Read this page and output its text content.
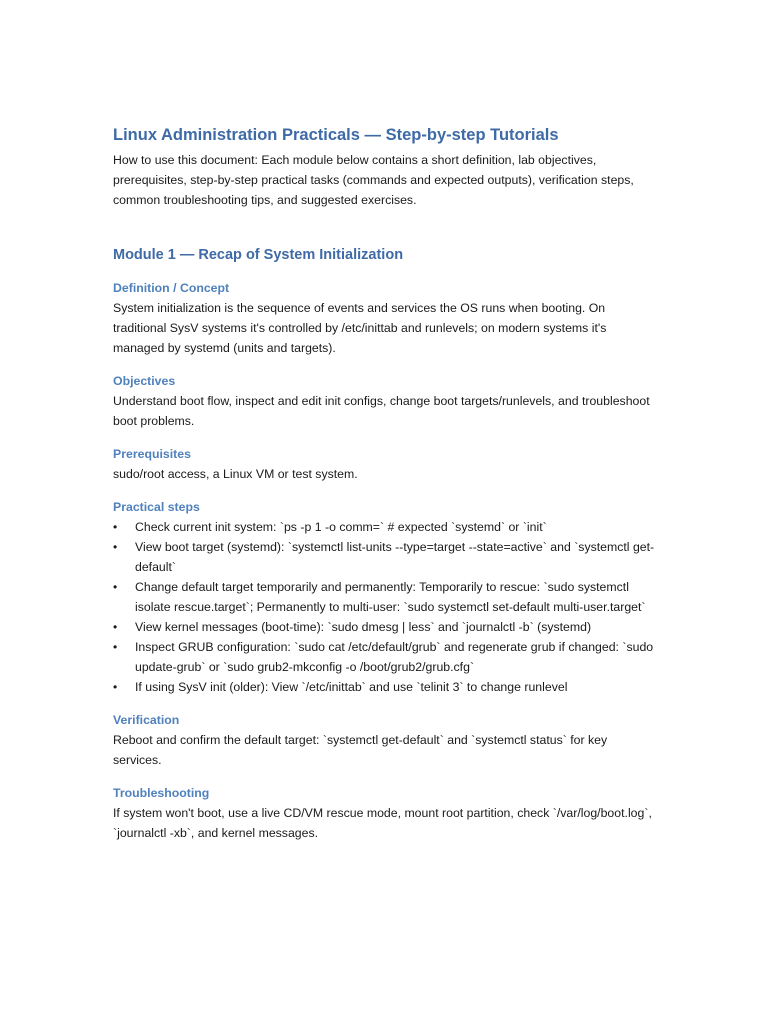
Linux Administration Practicals — Step-by-step Tutorials

How to use this document: Each module below contains a short definition, lab objectives, prerequisites, step-by-step practical tasks (commands and expected outputs), verification steps, common troubleshooting tips, and suggested exercises.

Module 1 — Recap of System Initialization
Definition / Concept

System initialization is the sequence of events and services the OS runs when booting. On traditional SysV systems it's controlled by /etc/inittab and runlevels; on modern systems it's managed by systemd (units and targets).

Objectives

Understand boot flow, inspect and edit init configs, change boot targets/runlevels, and troubleshoot boot problems.

Prerequisites

sudo/root access, a Linux VM or test system.

Practical steps
• Check current init system: `ps -p 1 -o comm=` # expected `systemd` or `init`
• View boot target (systemd): `systemctl list-units --type=target --state=active` and `systemctl get-default`
• Change default target temporarily and permanently: Temporarily to rescue: `sudo systemctl isolate rescue.target`; Permanently to multi-user: `sudo systemctl set-default multi-user.target`
• View kernel messages (boot-time): `sudo dmesg | less` and `journalctl -b` (systemd)
• Inspect GRUB configuration: `sudo cat /etc/default/grub` and regenerate grub if changed: `sudo update-grub` or `sudo grub2-mkconfig -o /boot/grub2/grub.cfg`
• If using SysV init (older): View `/etc/inittab` and use `telinit 3` to change runlevel
Verification

Reboot and confirm the default target: `systemctl get-default` and `systemctl status` for key services.

Troubleshooting

If system won't boot, use a live CD/VM rescue mode, mount root partition, check `/var/log/boot.log`, `journalctl -xb`, and kernel messages.
